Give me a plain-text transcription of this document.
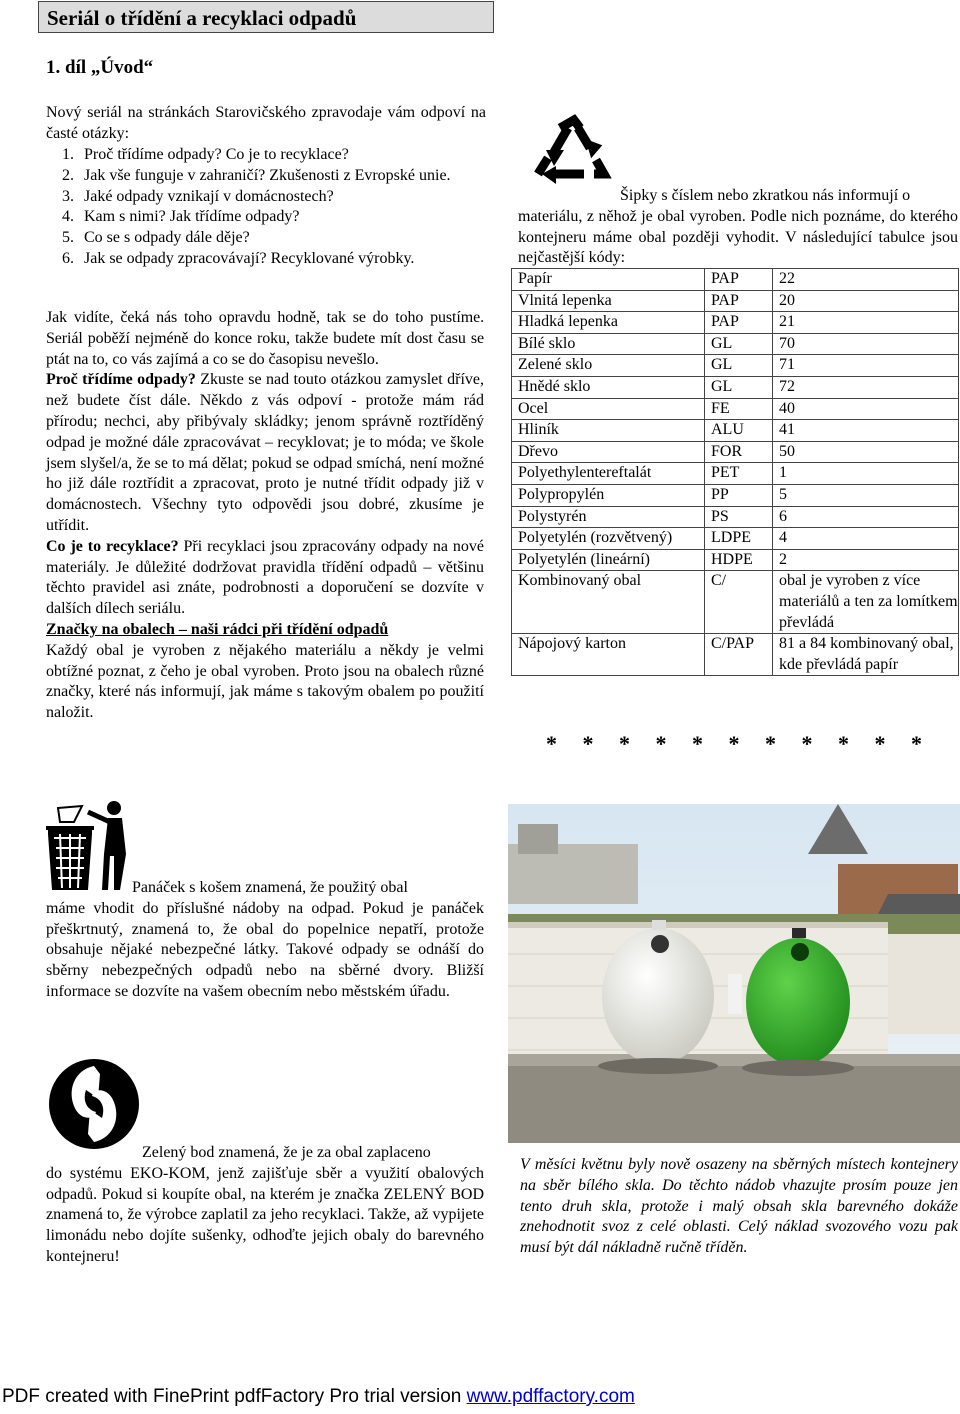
Seriál o třídění a recyklaci odpadů
1. díl „Úvod“
Nový seriál na stránkách Starovičského zpravodaje vám odpoví na časté otázky:
1. Proč třídíme odpady? Co je to recyklace?
2. Jak vše funguje v zahraničí? Zkušenosti z Evropské unie.
3. Jaké odpady vznikají v domácnostech?
4. Kam s nimi? Jak třídíme odpady?
5. Co se s odpady dále děje?
6. Jak se odpady zpracovávají? Recyklované výrobky.

Jak vidíte, čeká nás toho opravdu hodně, tak se do toho pustíme. Seriál poběží nejméně do konce roku, takže budete mít dost času se ptát na to, co vás zajímá a co se do časopisu nevešlo.

Proč třídíme odpady? Zkuste se nad touto otázkou zamyslet dříve, než budete číst dále. Někdo z vás odpoví - protože mám rád přírodu; nechci, aby přibývaly skládky; jenom správně roztříděný odpad je možné dále zpracovávat – recyklovat; je to móda; ve škole jsem slyšel/a, že se to má dělat; pokud se odpad smíchá, není možné ho již dále roztřídit a zpracovat, proto je nutné třídit odpady již v domácnostech. Všechny tyto odpovědi jsou dobré, zkusíme je utřídit.

Co je to recyklace? Při recyklaci jsou zpracovány odpady na nové materiály. Je důležité dodržovat pravidla třídění odpadů – většinu těchto pravidel asi znáte, podrobnosti a doporučení se dozvíte v dalších dílech seriálu.

Značky na obalech – naši rádci při třídění odpadů

Každý obal je vyroben z nějakého materiálu a někdy je velmi obtížné poznat, z čeho je obal vyroben. Proto jsou na obalech různé značky, které nás informují, jak máme s takovým obalem po použití naložit.

Šipky s číslem nebo zkratkou nás informují o

materiálu, z něhož je obal vyroben. Podle nich poznáme, do kterého kontejneru máme obal později vyhodit. V následující tabulce jsou nejčastější kódy:

Papír	PAP	22
Vlnitá lepenka	PAP	20
Hladká lepenka	PAP	21
Bílé sklo	GL	70
Zelené sklo	GL	71
Hnědé sklo	GL	72
Ocel	FE	40
Hliník	ALU	41
Dřevo	FOR	50
Polyethylentereftalát	PET	1
Polypropylén	PP	5
Polystyrén	PS	6
Polyetylén (rozvětvený)	LDPE	4
Polyetylén (lineární)	HDPE	2
Kombinovaný obal	C/	obal je vyroben z více materiálů a ten za lomítkem převládá
Nápojový karton	C/PAP	81 a 84 kombinovaný obal, kde převládá papír
* * * * * * * * * * *

Panáček s košem znamená, že použitý obal

máme vhodit do příslušné nádoby na odpad. Pokud je panáček přeškrtnutý, znamená to, že obal do popelnice nepatří, protože obsahuje nějaké nebezpečné látky. Takové odpady se odnáší do sběrny nebezpečných odpadů nebo na sběrné dvory. Bližší informace se dozvíte na vašem obecním nebo městském úřadu.

Zelený bod znamená, že je za obal zaplaceno

do systému EKO-KOM, jenž zajišťuje sběr a využití obalových odpadů. Pokud si koupíte obal, na kterém je značka ZELENÝ BOD znamená to, že výrobce zaplatil za jeho recyklaci. Takže, až vypijete limonádu nebo dojíte sušenky, odhoďte jejich obaly do barevného kontejneru!

V měsíci květnu byly nově osazeny na sběrných místech kontejnery na sběr bílého skla. Do těchto nádob vhazujte prosím pouze jen tento druh skla, protože i malý obsah skla barevného dokáže znehodnotit svoz z celé oblasti. Celý náklad svozového vozu pak musí být dál nákladně ručně tříděn.
PDF created with FinePrint pdfFactory Pro trial version www.pdffactory.com
